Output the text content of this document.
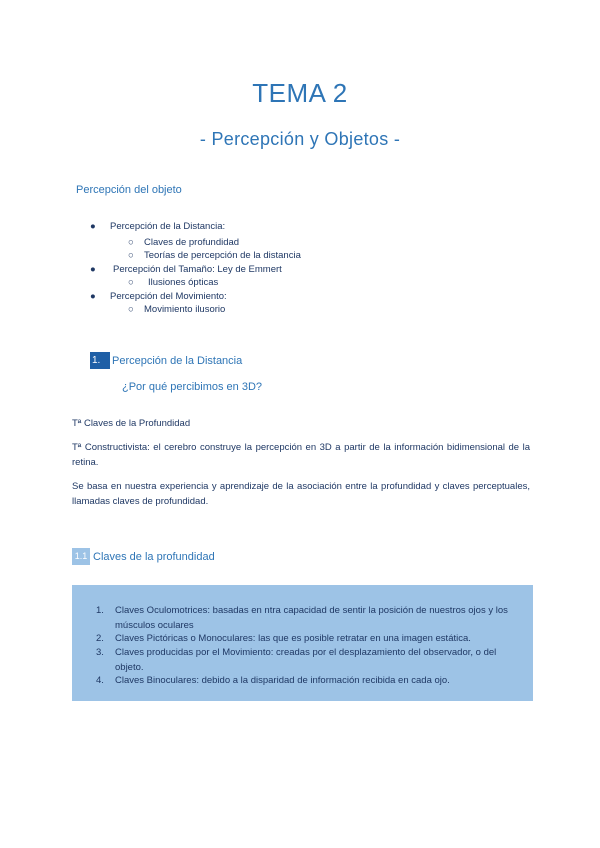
TEMA 2
- Percepción y Objetos -
Percepción del objeto
● Percepción de la Distancia:
○ Claves de profundidad
○ Teorías de percepción de la distancia
● Percepción del Tamaño: Ley de Emmert
○ Ilusiones ópticas
● Percepción del Movimiento:
○ Movimiento ilusorio
1.	Percepción de la Distancia
¿Por qué percibimos en 3D?
Tª Claves de la Profundidad
Tª Constructivista: el cerebro construye la percepción en 3D a partir de la información bidimensional de la retina.
Se basa en nuestra experiencia y aprendizaje de la asociación entre la profundidad y claves perceptuales, llamadas claves de profundidad.
1.1 Claves de la profundidad
1. Claves Oculomotrices: basadas en ntra capacidad de sentir la posición de nuestros ojos y los músculos oculares
2. Claves Pictóricas o Monoculares: las que es posible retratar en una imagen estática.
3. Claves producidas por el Movimiento: creadas por el desplazamiento del observador, o del objeto.
4. Claves Binoculares: debido a la disparidad de información recibida en cada ojo.
